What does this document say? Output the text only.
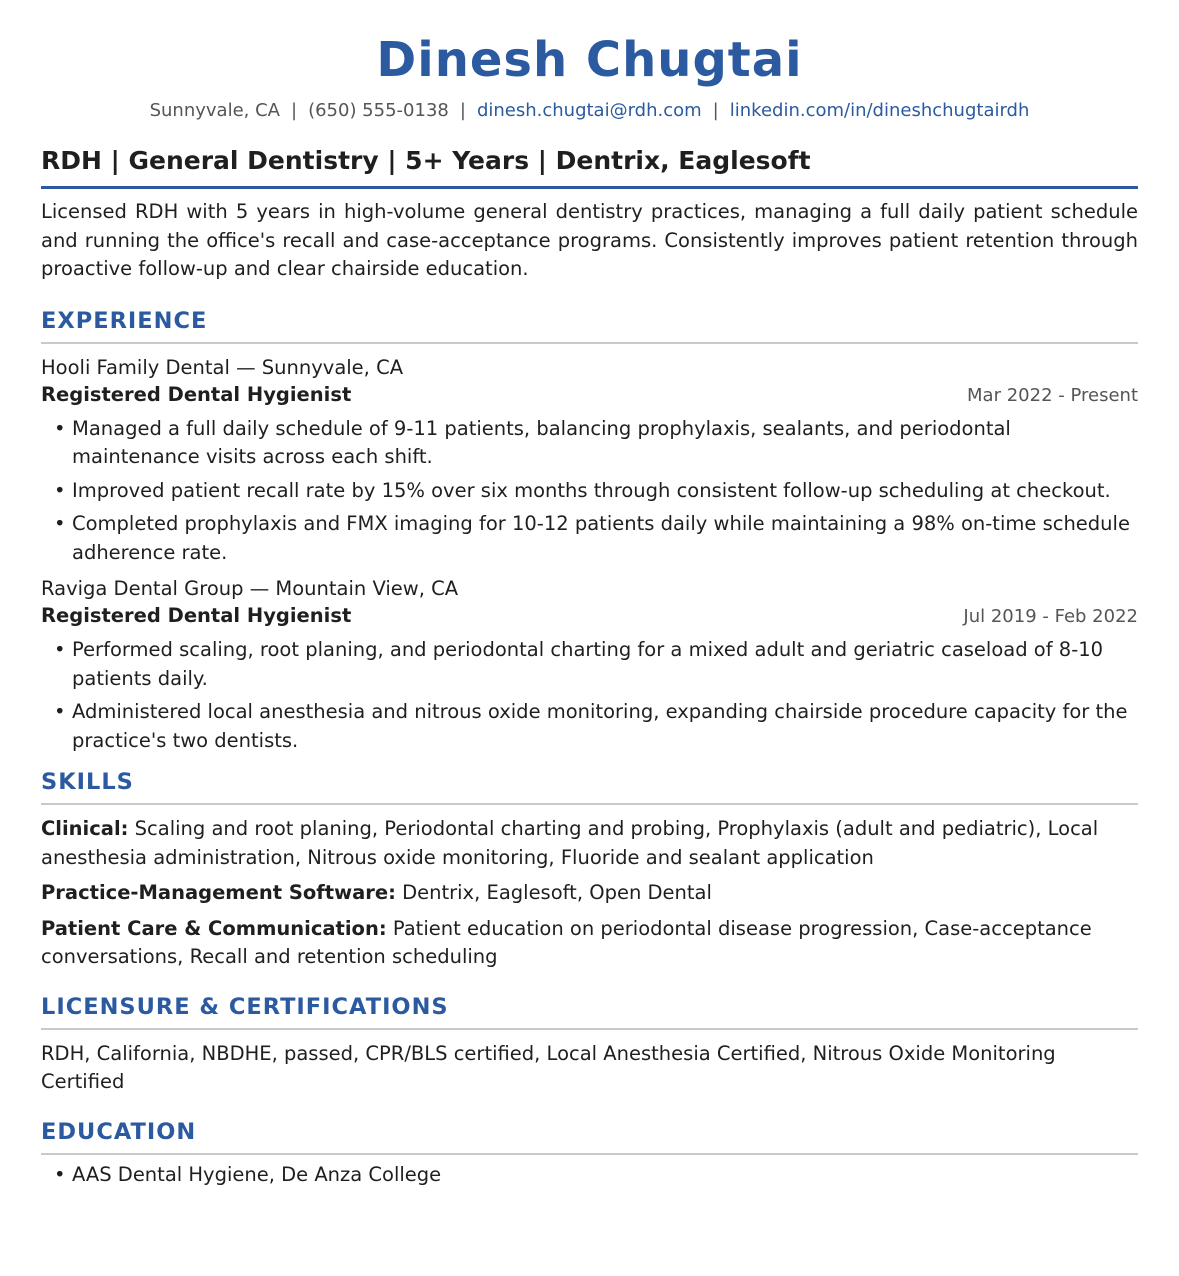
Dinesh Chugtai
Sunnyvale, CA | (650) 555-0138 | dinesh.chugtai@rdh.com | linkedin.com/in/dineshchugtairdh
RDH | General Dentistry | 5+ Years | Dentrix, Eaglesoft
Licensed RDH with 5 years in high-volume general dentistry practices, managing a full daily patient schedule and running the office's recall and case-acceptance programs. Consistently improves patient retention through proactive follow-up and clear chairside education.
EXPERIENCE
Hooli Family Dental — Sunnyvale, CA
Registered Dental Hygienist	Mar 2022 - Present
• Managed a full daily schedule of 9-11 patients, balancing prophylaxis, sealants, and periodontal maintenance visits across each shift.
• Improved patient recall rate by 15% over six months through consistent follow-up scheduling at checkout.
• Completed prophylaxis and FMX imaging for 10-12 patients daily while maintaining a 98% on-time schedule adherence rate.
Raviga Dental Group — Mountain View, CA
Registered Dental Hygienist	Jul 2019 - Feb 2022
• Performed scaling, root planing, and periodontal charting for a mixed adult and geriatric caseload of 8-10 patients daily.
• Administered local anesthesia and nitrous oxide monitoring, expanding chairside procedure capacity for the practice's two dentists.
SKILLS
Clinical: Scaling and root planing, Periodontal charting and probing, Prophylaxis (adult and pediatric), Local anesthesia administration, Nitrous oxide monitoring, Fluoride and sealant application
Practice-Management Software: Dentrix, Eaglesoft, Open Dental
Patient Care & Communication: Patient education on periodontal disease progression, Case-acceptance conversations, Recall and retention scheduling
LICENSURE & CERTIFICATIONS
RDH, California, NBDHE, passed, CPR/BLS certified, Local Anesthesia Certified, Nitrous Oxide Monitoring Certified
EDUCATION
• AAS Dental Hygiene, De Anza College
